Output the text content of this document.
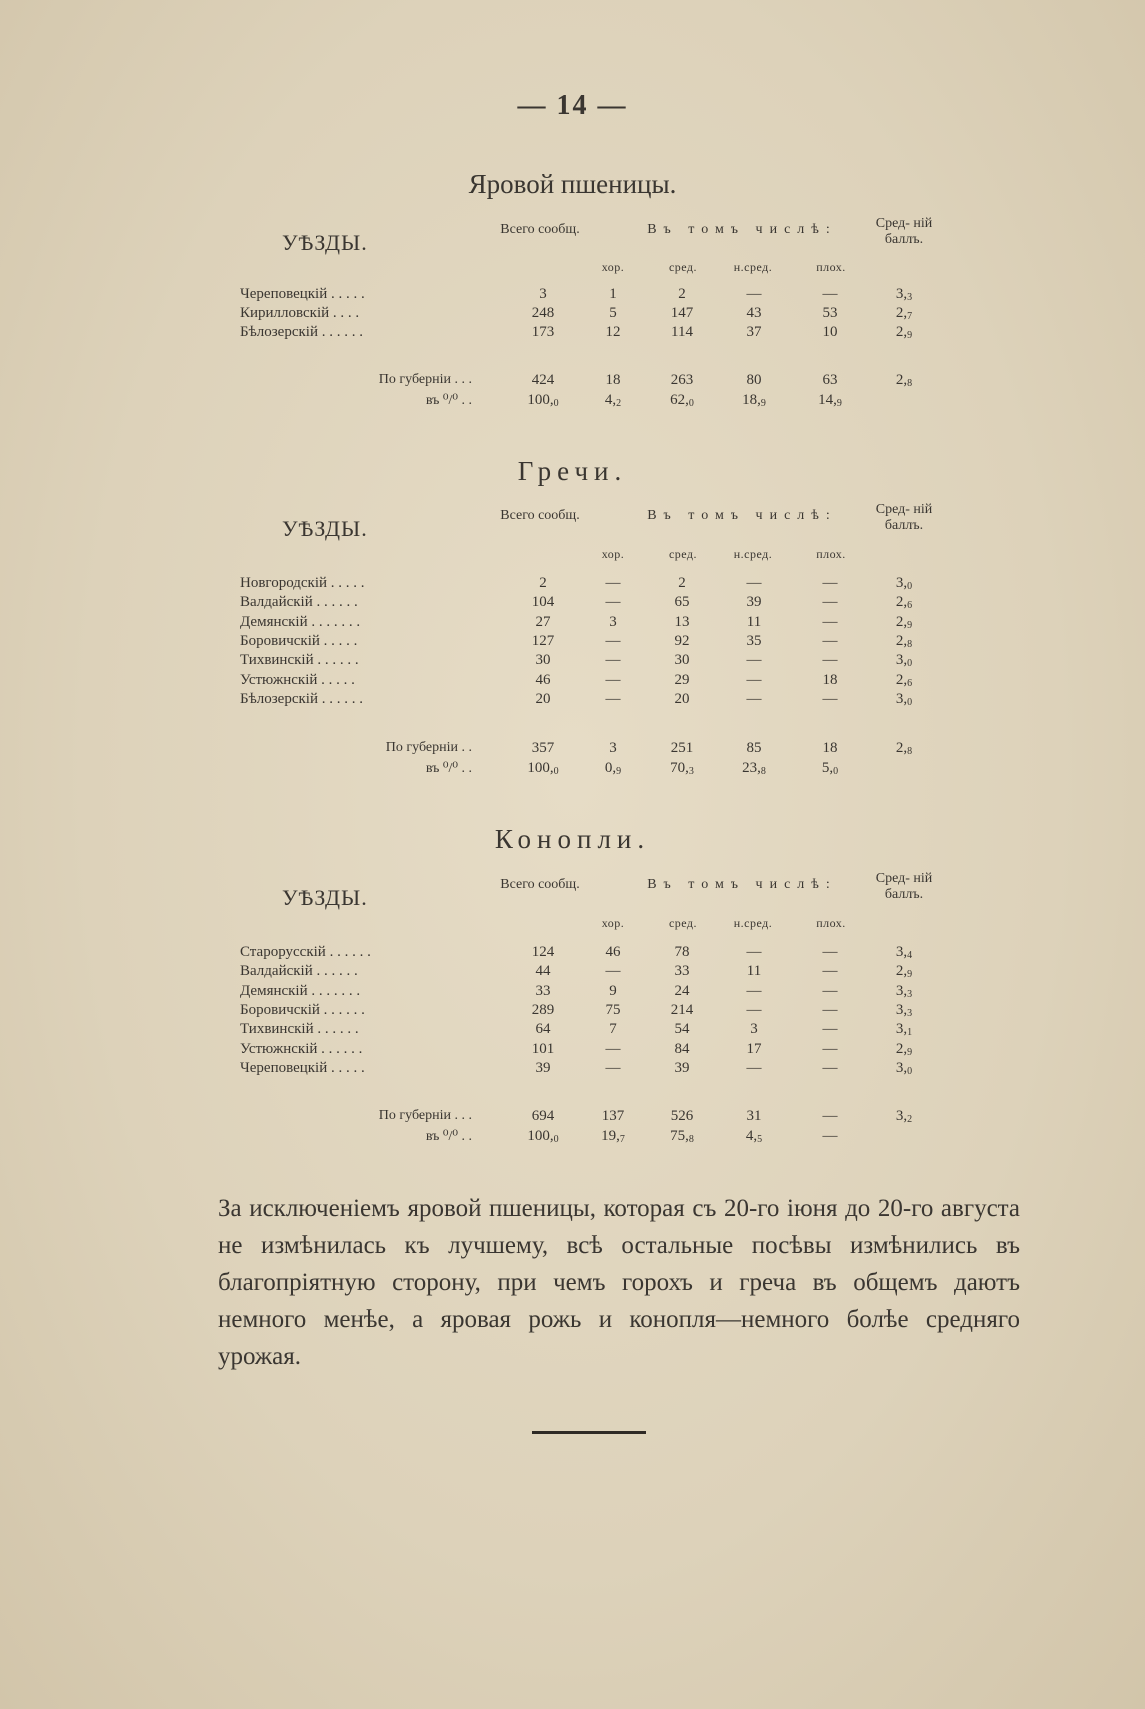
— 14 —
Яровой пшеницы.
УѢЗДЫ.
Всего сообщ.	Въ томъ числѣ:	Сред- ній баллъ.
хор.	сред.	н.сред.	плох.
Череповецкій . . . . .	3	1	2	—	—	$3,_3$
Кирилловскій . . . .	248	5	147	43	53	$2,_7$
Бѣлозерскій . . . . . .	173	12	114	37	10	$2,_9$
По губерніи . . .	424	18	263	80	63	$2,_8$
въ ⁰/⁰ . .	$100,_0$	$4,_2$	$62,_0$	$18,_9$	$14,_9$
Гречи.
УѢЗДЫ.
Всего сообщ.	Въ томъ числѣ:	Сред- ній баллъ.
хор.	сред.	н.сред.	плох.
Новгородскій . . . . .	2	—	2	—	—	$3,_0$
Валдайскій . . . . . .	104	—	65	39	—	$2,_6$
Демянскій . . . . . . .	27	3	13	11	—	$2,_9$
Боровичскій . . . . .	127	—	92	35	—	$2,_8$
Тихвинскій . . . . . .	30	—	30	—	—	$3,_0$
Устюжнскій . . . . .	46	—	29	—	18	$2,_6$
Бѣлозерскій . . . . . .	20	—	20	—	—	$3,_0$
По губерніи . .	357	3	251	85	18	$2,_8$
въ ⁰/⁰ . .	$100,_0$	$0,_9$	$70,_3$	$23,_8$	$5,_0$
Конопли.
УѢЗДЫ.
Всего сообщ.	Въ томъ числѣ:	Сред- ній баллъ.
хор.	сред.	н.сред.	плох.
Старорусскій . . . . . .	124	46	78	—	—	$3,_4$
Валдайскій . . . . . .	44	—	33	11	—	$2,_9$
Демянскій . . . . . . .	33	9	24	—	—	$3,_3$
Боровичскій . . . . . .	289	75	214	—	—	$3,_3$
Тихвинскій . . . . . .	64	7	54	3	—	$3,_1$
Устюжнскій . . . . . .	101	—	84	17	—	$2,_9$
Череповецкій . . . . .	39	—	39	—	—	$3,_0$
По губерніи . . .	694	137	526	31	—	$3,_2$
въ ⁰/⁰ . .	$100,_0$	$19,_7$	$75,_8$	$4,_5$	—
За исключеніемъ яровой пшеницы, которая съ 20-го іюня до 20-го августа не измѣнилась къ лучшему, всѣ остальные посѣвы измѣнились въ благопріятную сторону, при чемъ горохъ и греча въ общемъ даютъ немного менѣе, а яровая рожь и конопля—немного болѣе средняго урожая.
